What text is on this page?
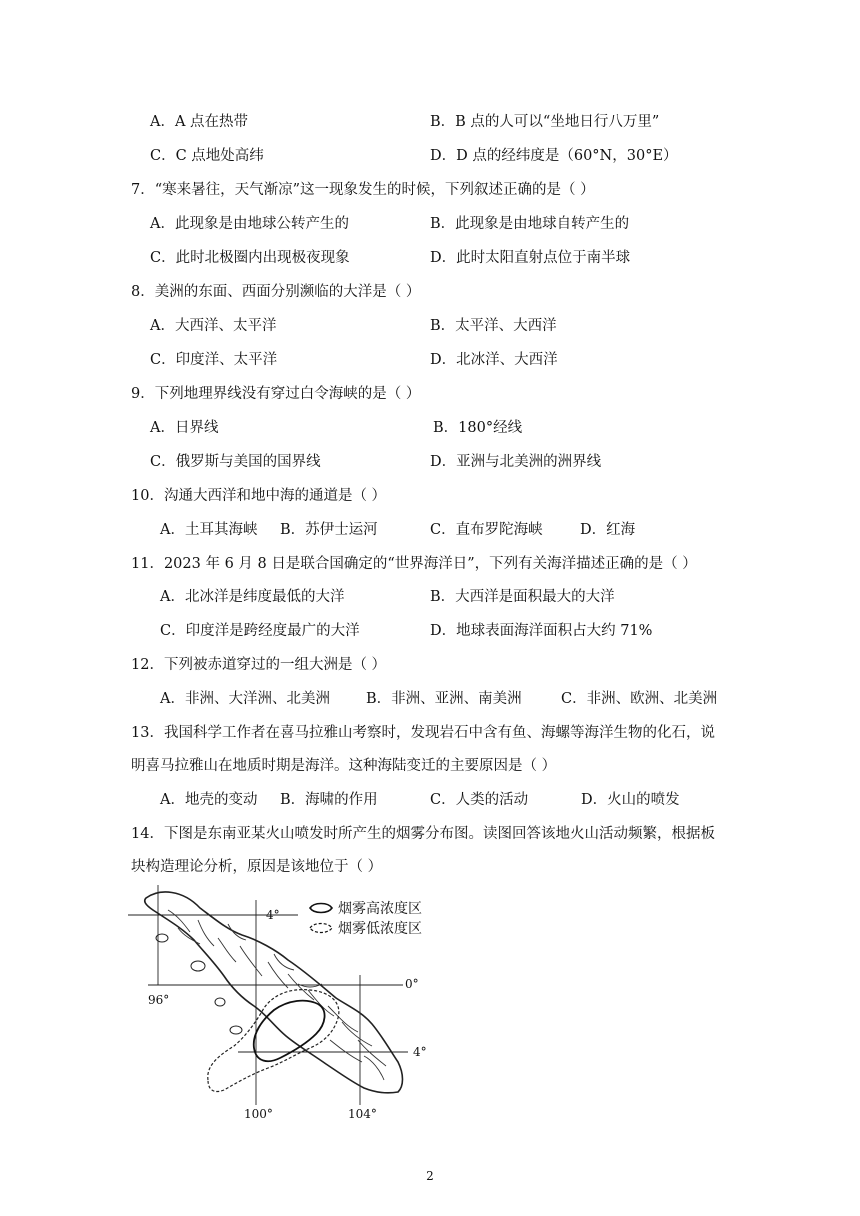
A．A 点在热带	B．B 点的人可以“坐地日行八万里”
C．C 点地处高纬	D．D 点的经纬度是（60°N，30°E）
7．“寒来暑往，天气渐凉”这一现象发生的时候，下列叙述正确的是（ ）
A．此现象是由地球公转产生的	B．此现象是由地球自转产生的
C．此时北极圈内出现极夜现象	D．此时太阳直射点位于南半球
8．美洲的东面、西面分别濒临的大洋是（ ）
A．大西洋、太平洋	B．太平洋、大西洋
C．印度洋、太平洋	D．北冰洋、大西洋
9．下列地理界线没有穿过白令海峡的是（ ）
A．日界线	B．180°经线
C．俄罗斯与美国的国界线	D．亚洲与北美洲的洲界线
10．沟通大西洋和地中海的通道是（ ）
A．土耳其海峡 B．苏伊士运河	C．直布罗陀海峡	D．红海
11．2023 年 6 月 8 日是联合国确定的“世界海洋日”，下列有关海洋描述正确的是（ ）
A．北冰洋是纬度最低的大洋	B．大西洋是面积最大的大洋
C．印度洋是跨经度最广的大洋	D．地球表面海洋面积占大约 71%
12．下列被赤道穿过的一组大洲是（ ）
A．非洲、大洋洲、北美洲 B．非洲、亚洲、南美洲	C．非洲、欧洲、北美洲
13．我国科学工作者在喜马拉雅山考察时，发现岩石中含有鱼、海螺等海洋生物的化石，说
明喜马拉雅山在地质时期是海洋。这种海陆变迁的主要原因是（ ）
A．地壳的变动 B．海啸的作用	C．人类的活动	D．火山的喷发
14．下图是东南亚某火山喷发时所产生的烟雾分布图。读图回答该地火山活动频繁，根据板
块构造理论分析，原因是该地位于（ ）
烟雾高浓度区
烟雾低浓度区
4°
0°
4°
96°
100°	104°
2
